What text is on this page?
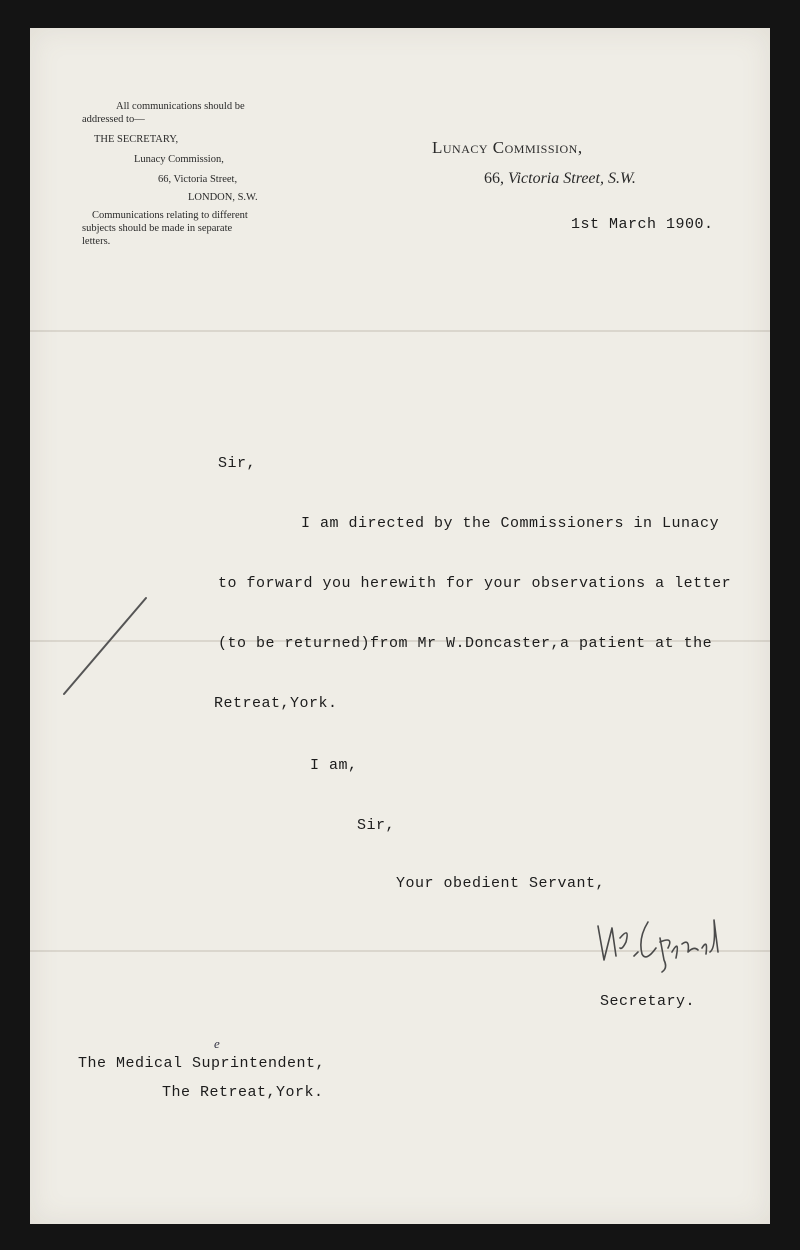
All communications should be
addressed to—
THE SECRETARY,
Lunacy Commission,
66, Victoria Street,
LONDON, S.W.
Communications relating to different
subjects should be made in separate
letters.
Lunacy Commission,
66, Victoria Street, S.W.
1st March 1900.
Sir,
I am directed by the Commissioners in Lunacy
to forward you herewith for your observations a letter
(to be returned)from Mr W.Doncaster,a patient at the
Retreat,York.
I am,
Sir,
Your obedient Servant,
Secretary.
The Medical Suprintendent,
The Retreat,York.
e
